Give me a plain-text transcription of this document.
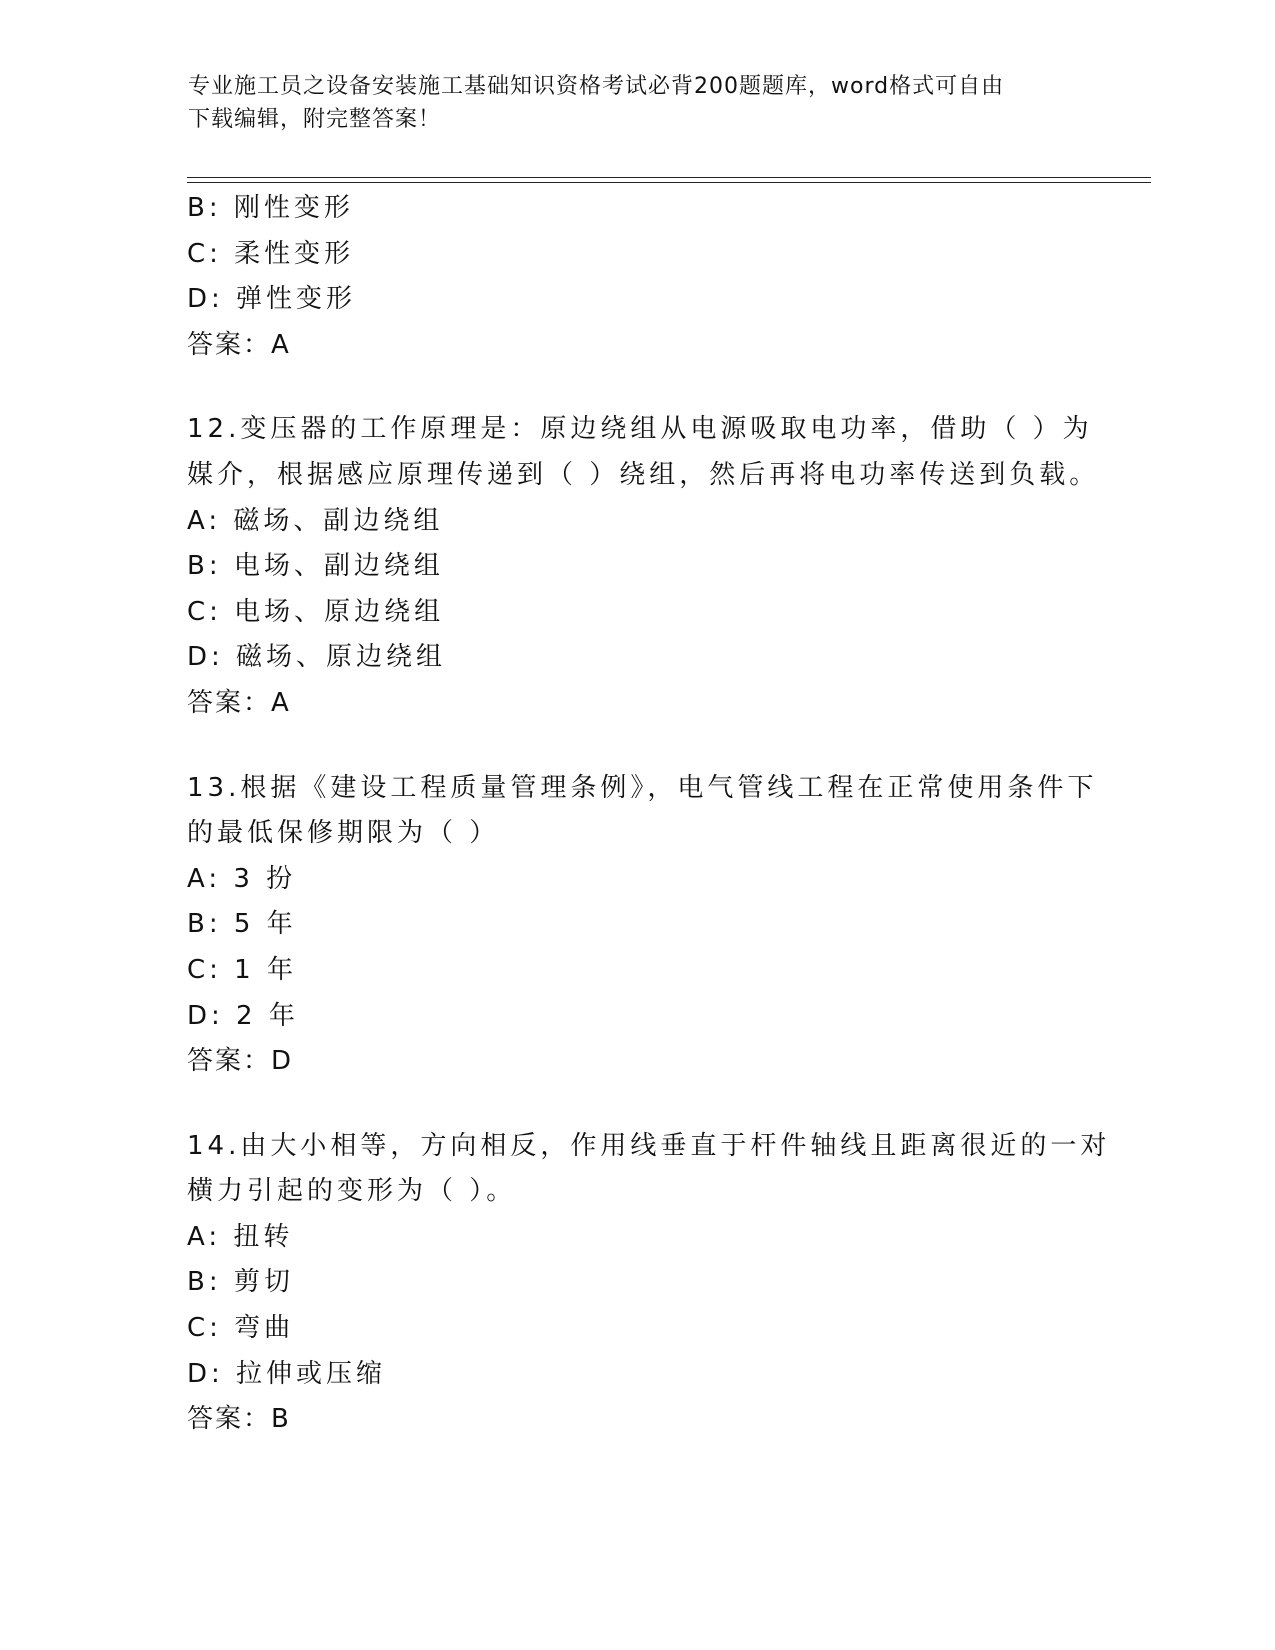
专业施工员之设备安装施工基础知识资格考试必背200题题库，word格式可自由
下载编辑，附完整答案！
B: 刚性变形
C: 柔性变形
D: 弹性变形
答案：A
12.变压器的工作原理是：原边绕组从电源吸取电功率，借助（ ）为
媒介，根据感应原理传递到（ ）绕组，然后再将电功率传送到负载。
A: 磁场、副边绕组
B: 电场、副边绕组
C: 电场、原边绕组
D: 磁场、原边绕组
答案：A
13.根据《建设工程质量管理条例》，电气管线工程在正常使用条件下
的最低保修期限为（ ）
A: 3 扮
B: 5 年
C: 1 年
D: 2 年
答案：D
14.由大小相等，方向相反，作用线垂直于杆件轴线且距离很近的一对
横力引起的变形为（ ）。
A: 扭转
B: 剪切
C: 弯曲
D: 拉伸或压缩
答案：B
